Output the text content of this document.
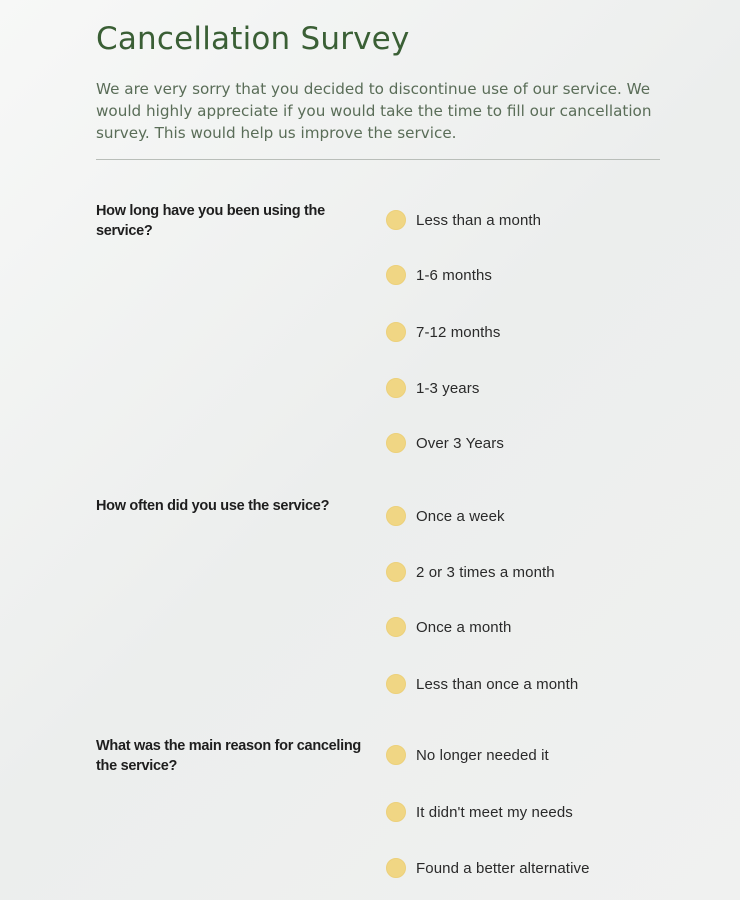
Cancellation Survey

We are very sorry that you decided to discontinue use of our service. We would highly appreciate if you would take the time to fill our cancellation survey. This would help us improve the service.

How long have you been using the service?

Less than a month
1-6 months
7-12 months
1-3 years
Over 3 Years

How often did you use the service?

Once a week
2 or 3 times a month
Once a month
Less than once a month

What was the main reason for canceling the service?

No longer needed it
It didn't meet my needs
Found a better alternative
